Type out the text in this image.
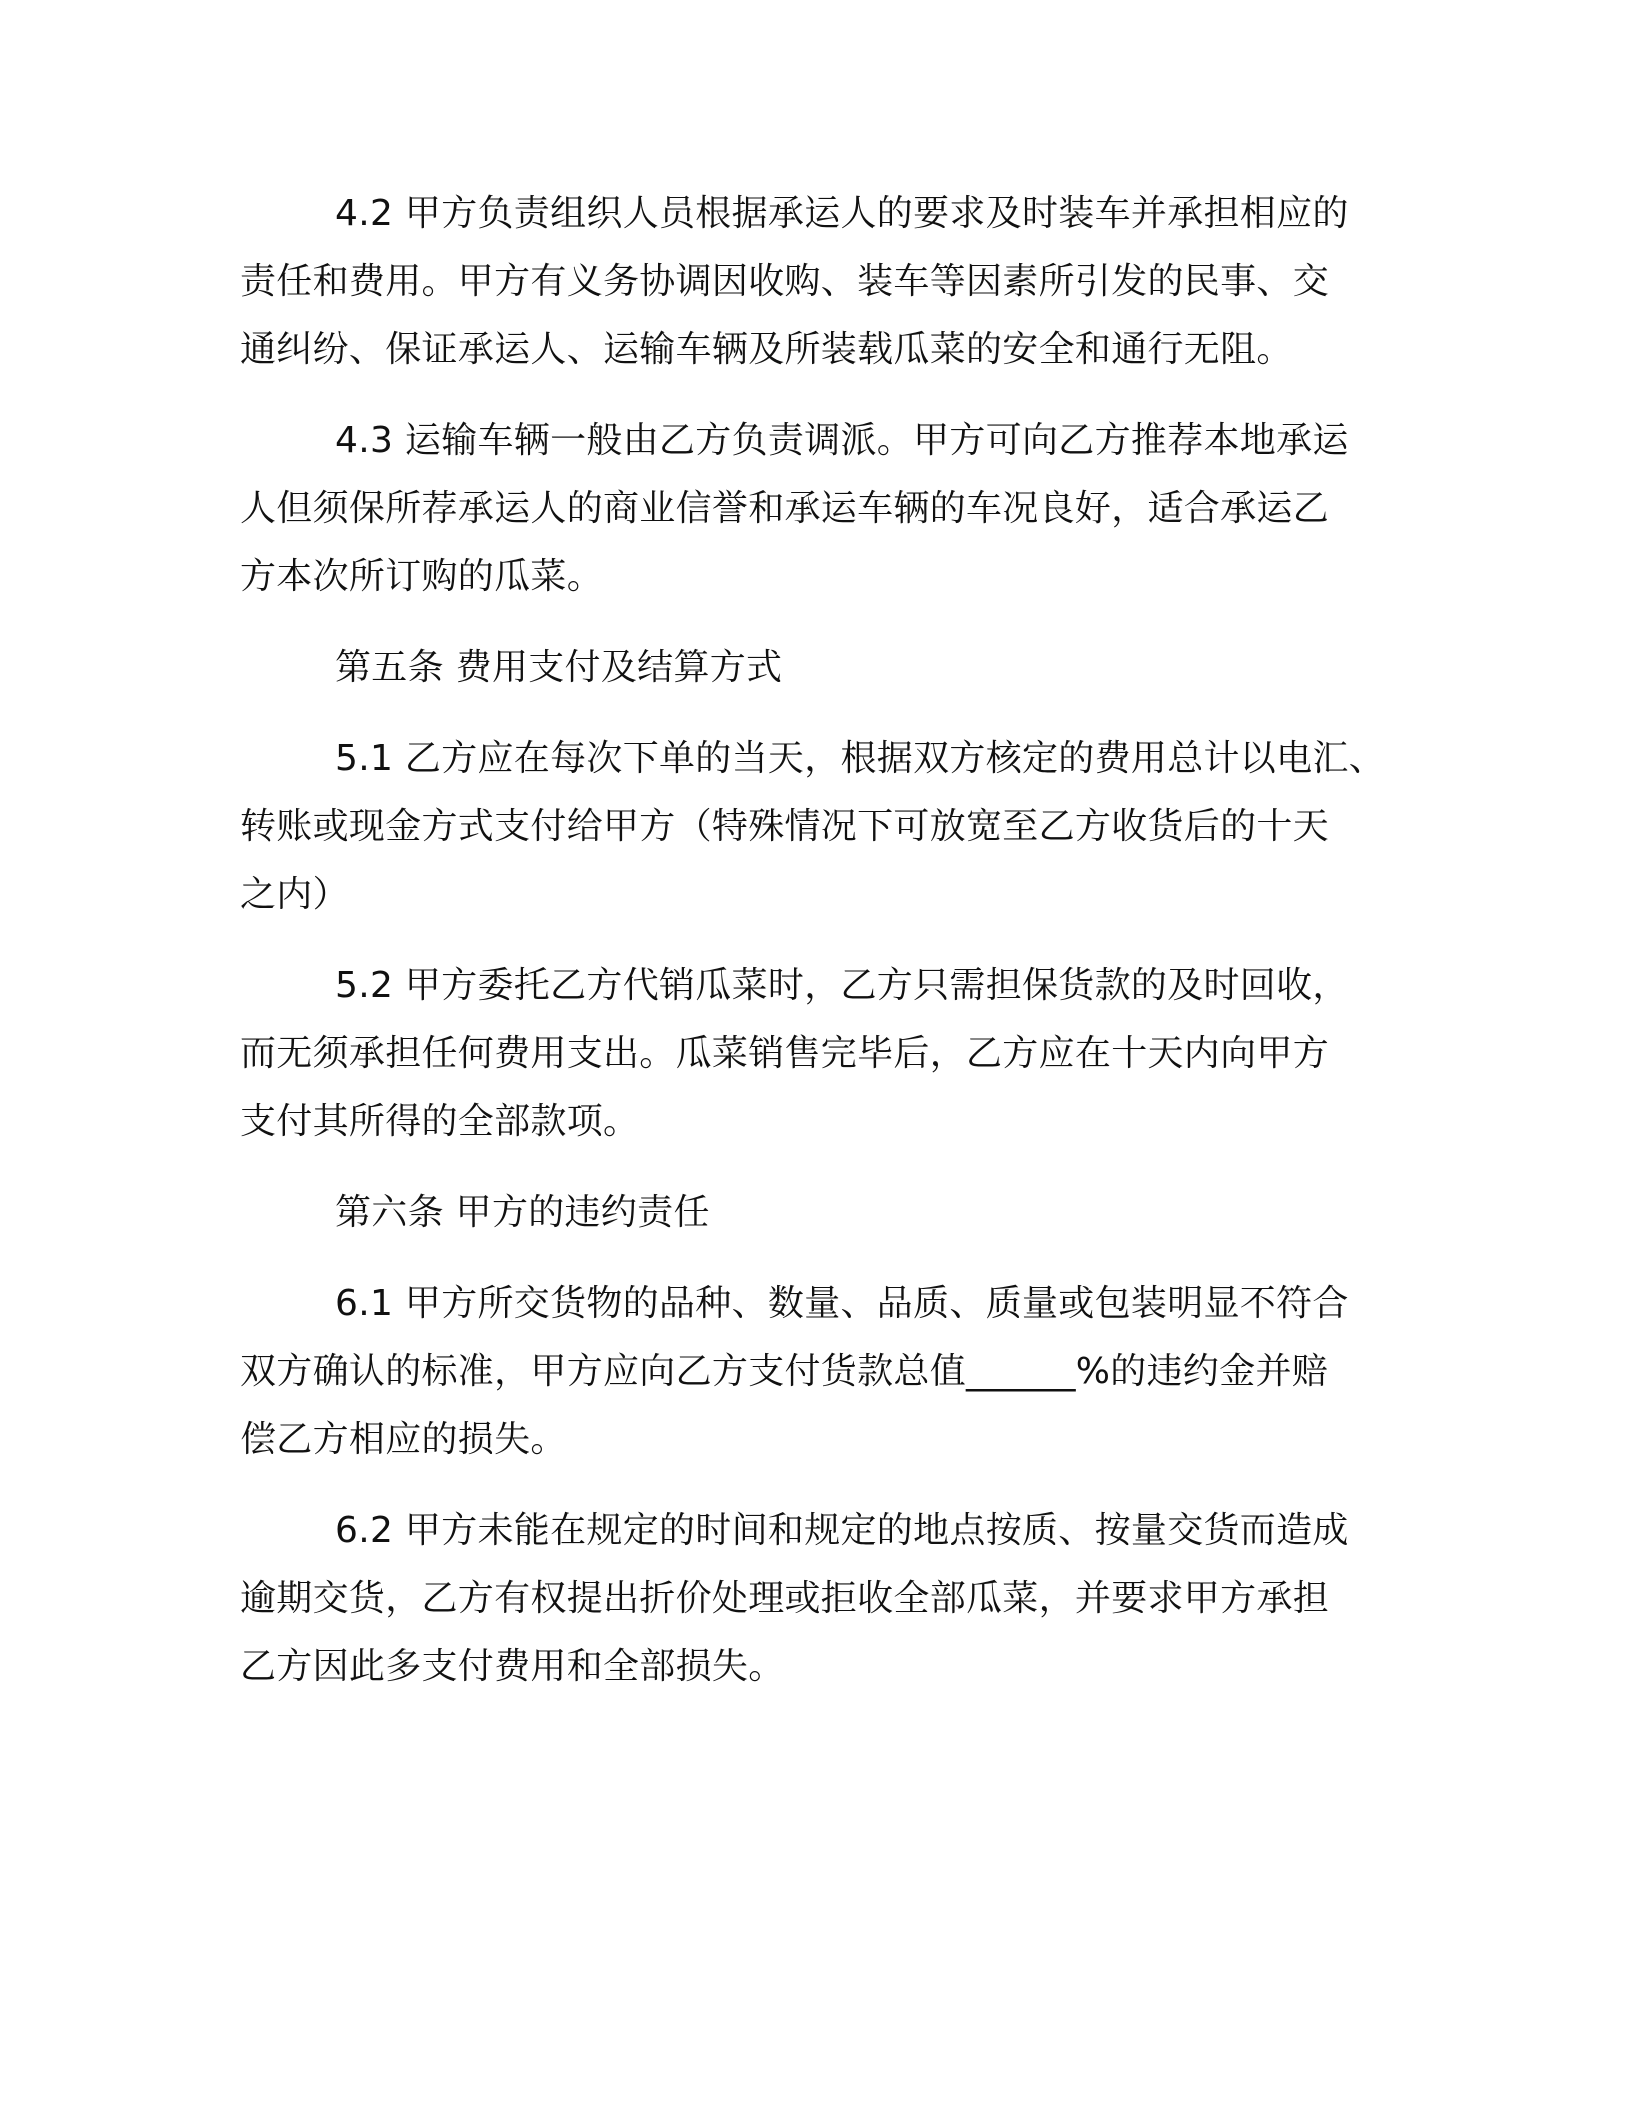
4.2 甲方负责组织人员根据承运人的要求及时装车并承担相应的
责任和费用。甲方有义务协调因收购、装车等因素所引发的民事、交
通纠纷、保证承运人、运输车辆及所装载瓜菜的安全和通行无阻。
4.3 运输车辆一般由乙方负责调派。甲方可向乙方推荐本地承运
人但须保所荐承运人的商业信誉和承运车辆的车况良好，适合承运乙
方本次所订购的瓜菜。
第五条 费用支付及结算方式
5.1 乙方应在每次下单的当天，根据双方核定的费用总计以电汇、
转账或现金方式支付给甲方（特殊情况下可放宽至乙方收货后的十天
之内）
5.2 甲方委托乙方代销瓜菜时，乙方只需担保货款的及时回收，
而无须承担任何费用支出。瓜菜销售完毕后，乙方应在十天内向甲方
支付其所得的全部款项。
第六条 甲方的违约责任
6.1 甲方所交货物的品种、数量、品质、质量或包装明显不符合
双方确认的标准，甲方应向乙方支付货款总值______%的违约金并赔
偿乙方相应的损失。
6.2 甲方未能在规定的时间和规定的地点按质、按量交货而造成
逾期交货，乙方有权提出折价处理或拒收全部瓜菜，并要求甲方承担
乙方因此多支付费用和全部损失。
